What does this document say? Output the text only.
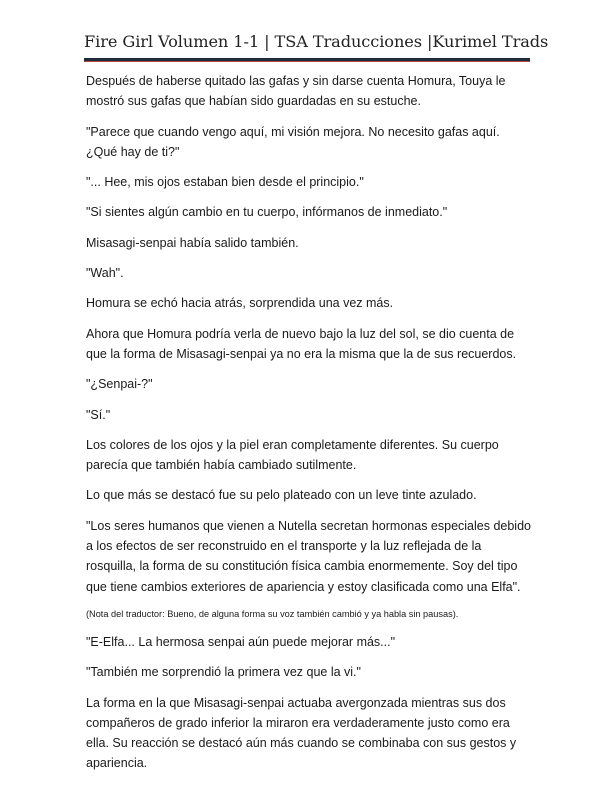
Fire Girl Volumen 1-1 | TSA Traducciones |Kurimel Trads

Después de haberse quitado las gafas y sin darse cuenta Homura, Touya le mostró sus gafas que habían sido guardadas en su estuche.

"Parece que cuando vengo aquí, mi visión mejora. No necesito gafas aquí. ¿Qué hay de ti?"

"... Hee, mis ojos estaban bien desde el principio."

"Si sientes algún cambio en tu cuerpo, infórmanos de inmediato."

Misasagi-senpai había salido también.

"Wah".

Homura se echó hacia atrás, sorprendida una vez más.

Ahora que Homura podría verla de nuevo bajo la luz del sol, se dio cuenta de que la forma de Misasagi-senpai ya no era la misma que la de sus recuerdos.

"¿Senpai-?"

"Sí."

Los colores de los ojos y la piel eran completamente diferentes. Su cuerpo parecía que también había cambiado sutilmente.

Lo que más se destacó fue su pelo plateado con un leve tinte azulado.

"Los seres humanos que vienen a Nutella secretan hormonas especiales debido a los efectos de ser reconstruido en el transporte y la luz reflejada de la rosquilla, la forma de su constitución física cambia enormemente. Soy del tipo que tiene cambios exteriores de apariencia y estoy clasificada como una Elfa".

(Nota del traductor: Bueno, de alguna forma su voz también cambió y ya habla sin pausas).

"E-Elfa... La hermosa senpai aún puede mejorar más..."

"También me sorprendió la primera vez que la vi."

La forma en la que Misasagi-senpai actuaba avergonzada mientras sus dos compañeros de grado inferior la miraron era verdaderamente justo como era ella. Su reacción se destacó aún más cuando se combinaba con sus gestos y apariencia.
